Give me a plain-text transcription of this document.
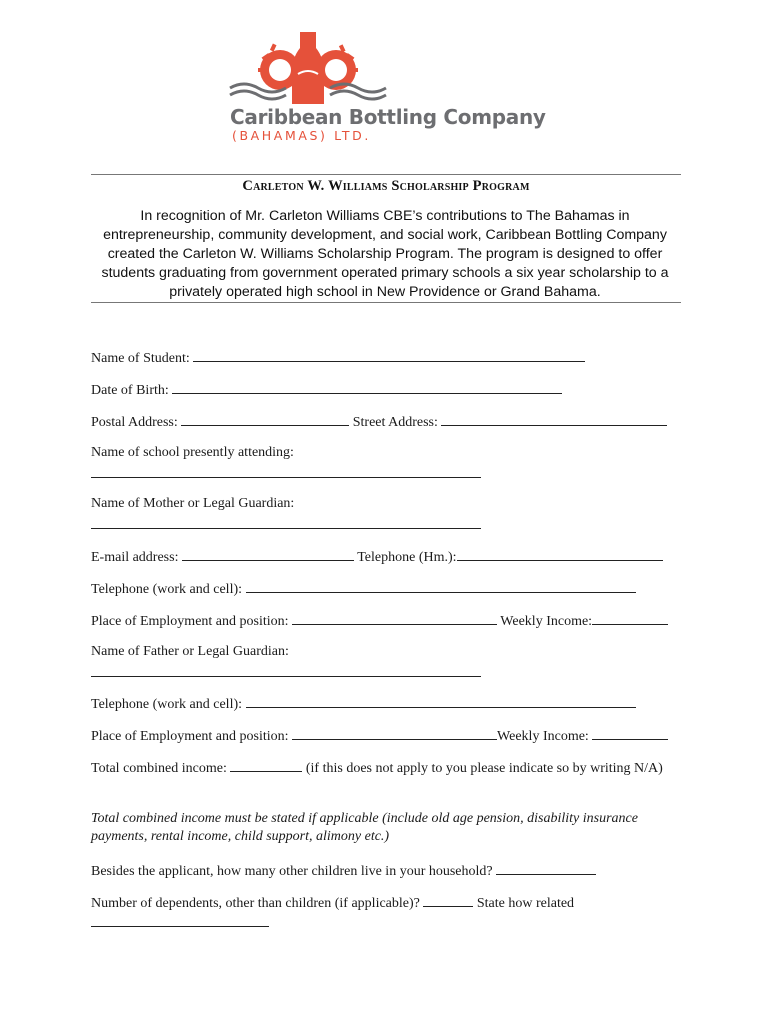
Caribbean Bottling Company
(BAHAMAS) LTD.
Carleton W. Williams Scholarship Program
In recognition of Mr. Carleton Williams CBE’s contributions to The Bahamas in entrepreneurship, community development, and social work, Caribbean Bottling Company created the Carleton W. Williams Scholarship Program. The program is designed to offer students graduating from government operated primary schools a six year scholarship to a privately operated high school in New Providence or Grand Bahama.
Name of Student:
Date of Birth:
Postal Address:	Street Address:
Name of school presently attending:
Name of Mother or Legal Guardian:
E-mail address:	Telephone (Hm.):
Telephone (work and cell):
Place of Employment and position:	Weekly Income:
Name of Father or Legal Guardian:
Telephone (work and cell):
Place of Employment and position:	Weekly Income:
Total combined income:	(if this does not apply to you please indicate so by writing N/A)
Total combined income must be stated if applicable (include old age pension, disability insurance payments, rental income, child support, alimony etc.)
Besides the applicant, how many other children live in your household?
Number of dependents, other than children (if applicable)?	State how related
